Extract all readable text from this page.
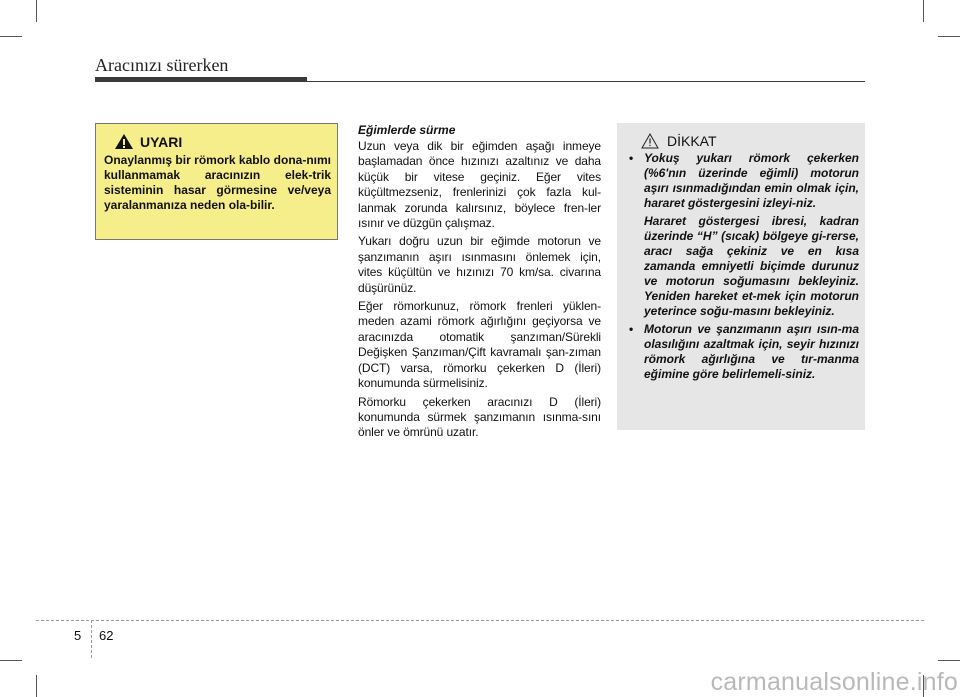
Aracınızı sürerken
UYARI

Onaylanmış bir römork kablo dona-nımı kullanmamak aracınızın elek-trik sisteminin hasar görmesine ve/veya yaralanmanıza neden ola-bilir.

Eğimlerde sürme

Uzun veya dik bir eğimden aşağı inmeye başlamadan önce hızınızı azaltınız ve daha küçük bir vitese geçiniz. Eğer vites küçültmezseniz, frenlerinizi çok fazla kul-lanmak zorunda kalırsınız, böylece fren-ler ısınır ve düzgün çalışmaz.

Yukarı doğru uzun bir eğimde motorun ve şanzımanın aşırı ısınmasını önlemek için, vites küçültün ve hızınızı 70 km/sa. civarına düşürünüz.

Eğer römorkunuz, römork frenleri yüklen-meden azami römork ağırlığını geçiyorsa ve aracınızda otomatik şanzıman/Sürekli Değişken Şanzıman/Çift kavramalı şan-zıman (DCT) varsa, römorku çekerken D (İleri) konumunda sürmelisiniz.

Römorku çekerken aracınızı D (İleri) konumunda sürmek şanzımanın ısınma-sını önler ve ömrünü uzatır.

DİKKAT

• Yokuş yukarı römork çekerken (%6'nın üzerinde eğimli) motorun aşırı ısınmadığından emin olmak için, hararet göstergesini izleyi-niz.

Hararet göstergesi ibresi, kadran üzerinde “H” (sıcak) bölgeye gi-rerse, aracı sağa çekiniz ve en kısa zamanda emniyetli biçimde durunuz ve motorun soğumasını bekleyiniz. Yeniden hareket et-mek için motorun yeterince soğu-masını bekleyiniz.

• Motorun ve şanzımanın aşırı ısın-ma olasılığını azaltmak için, seyir hızınızı römork ağırlığına ve tır-manma eğimine göre belirlemeli-siniz.

5 62
carmanualsonline.info
